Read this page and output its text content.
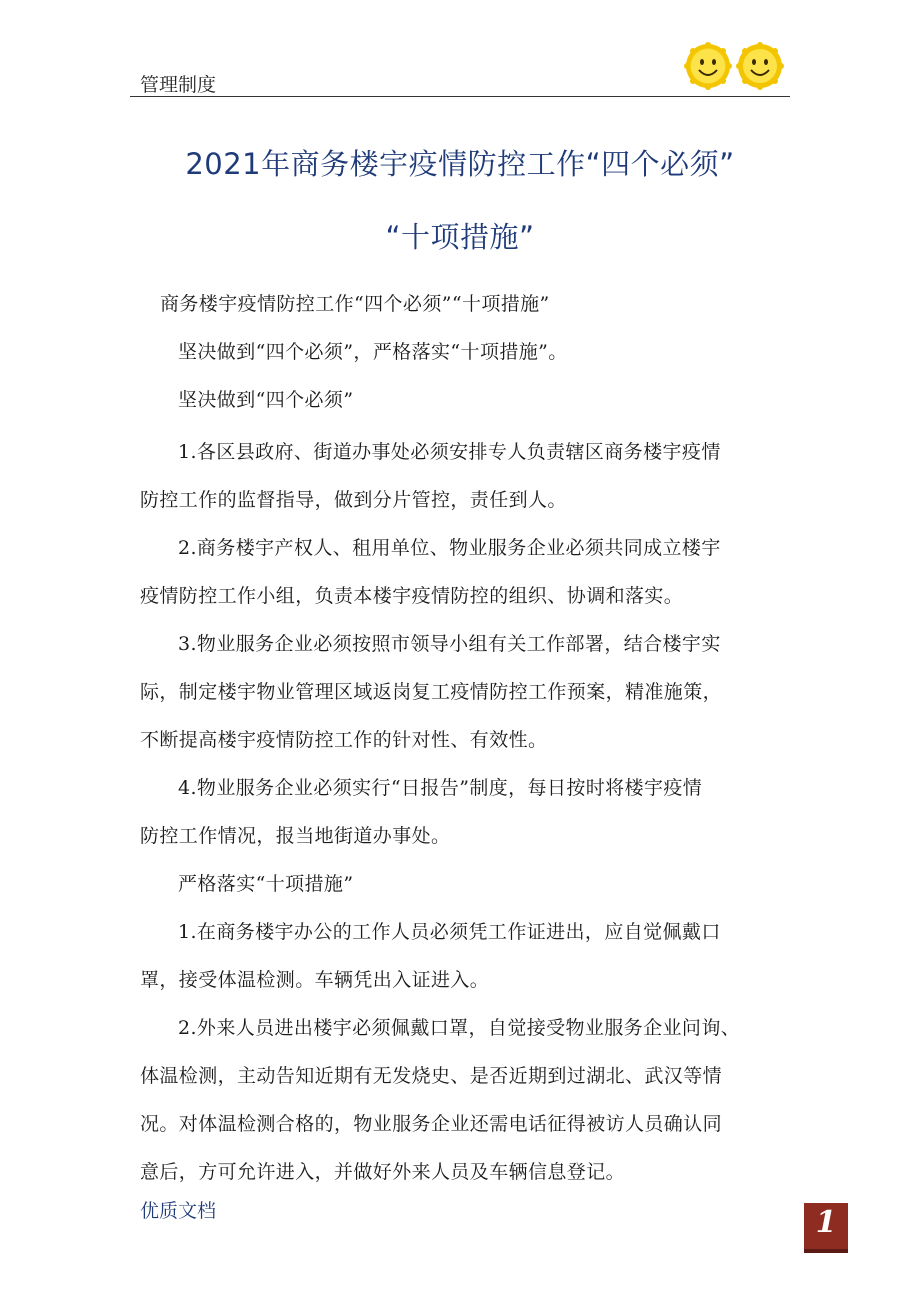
管理制度
2021年商务楼宇疫情防控工作“四个必须”
“十项措施”
商务楼宇疫情防控工作“四个必须”“十项措施”
坚决做到“四个必须”，严格落实“十项措施”。
坚决做到“四个必须”
1.各区县政府、街道办事处必须安排专人负责辖区商务楼宇疫情
防控工作的监督指导，做到分片管控，责任到人。
2.商务楼宇产权人、租用单位、物业服务企业必须共同成立楼宇
疫情防控工作小组，负责本楼宇疫情防控的组织、协调和落实。
3.物业服务企业必须按照市领导小组有关工作部署，结合楼宇实
际，制定楼宇物业管理区域返岗复工疫情防控工作预案，精准施策，
不断提高楼宇疫情防控工作的针对性、有效性。
4.物业服务企业必须实行“日报告”制度，每日按时将楼宇疫情
防控工作情况，报当地街道办事处。
严格落实“十项措施”
1.在商务楼宇办公的工作人员必须凭工作证进出，应自觉佩戴口
罩，接受体温检测。车辆凭出入证进入。
2.外来人员进出楼宇必须佩戴口罩，自觉接受物业服务企业问询、
体温检测，主动告知近期有无发烧史、是否近期到过湖北、武汉等情
况。对体温检测合格的，物业服务企业还需电话征得被访人员确认同
意后，方可允许进入，并做好外来人员及车辆信息登记。
优质文档	1
